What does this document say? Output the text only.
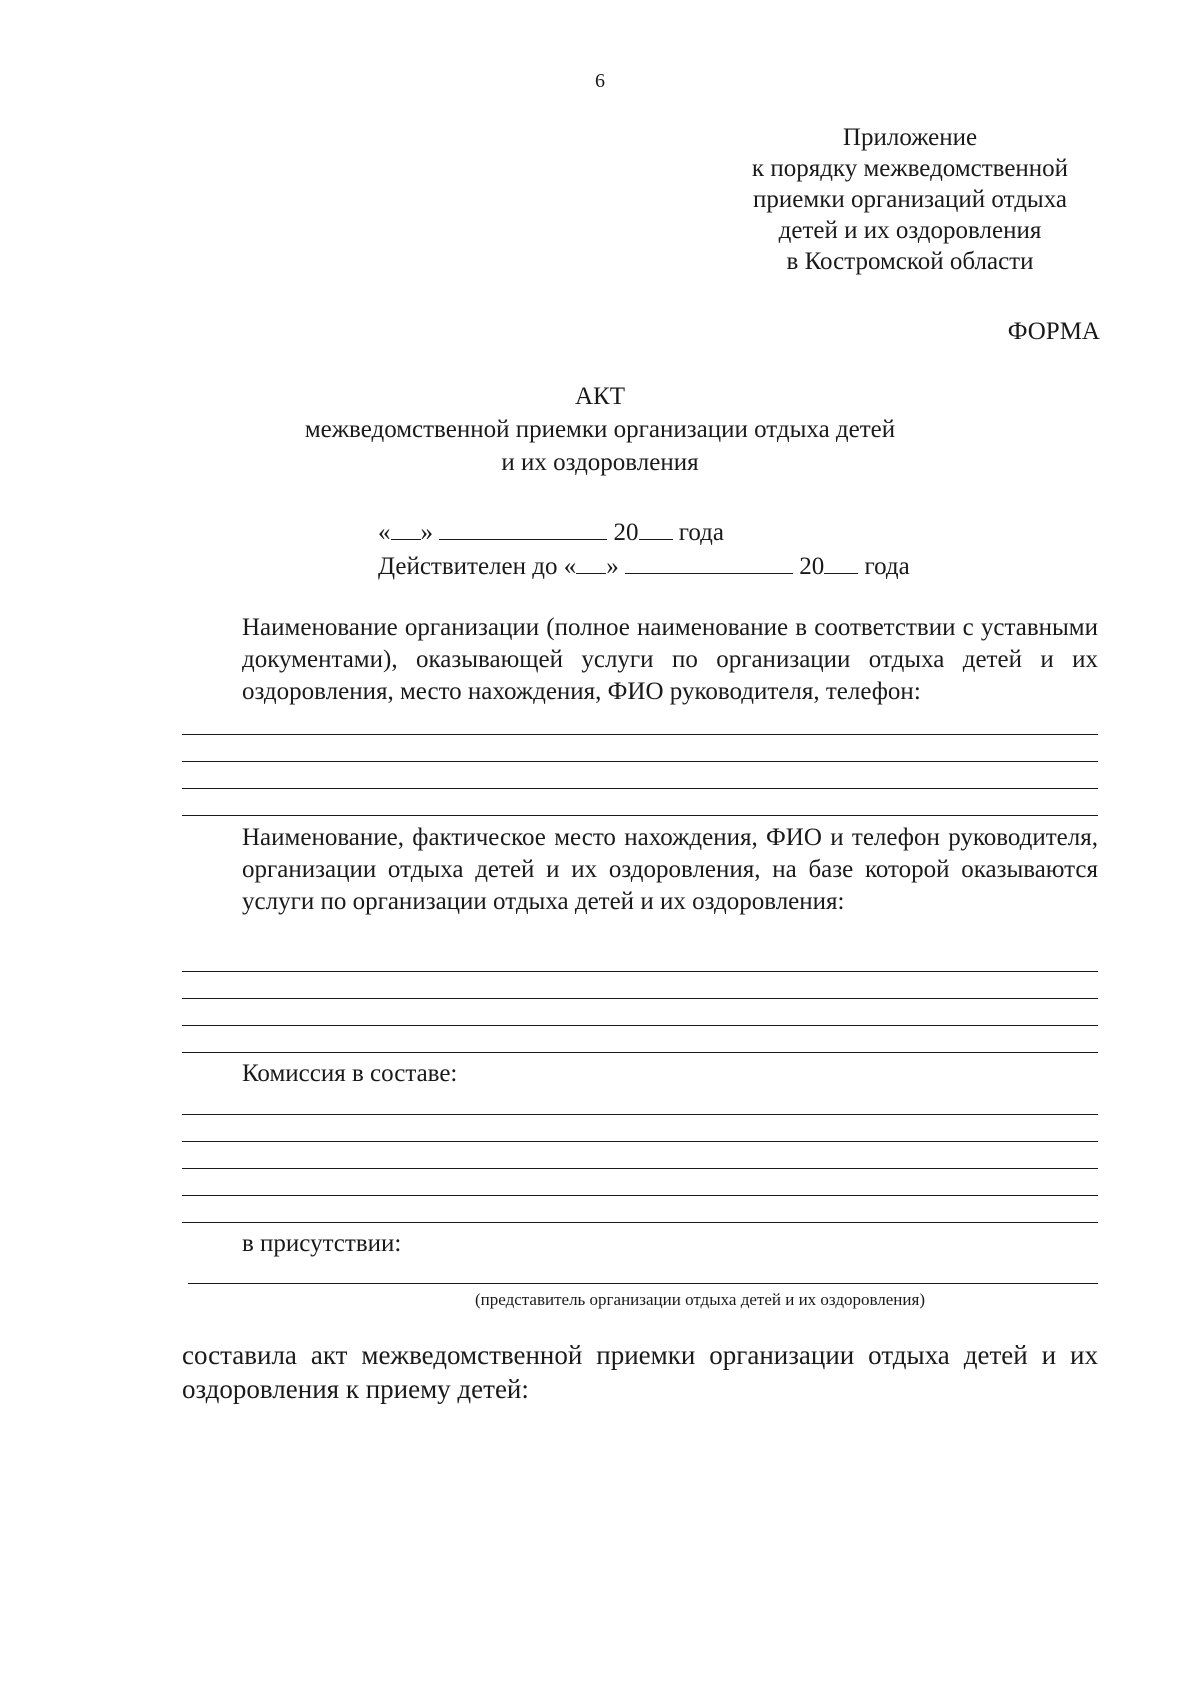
6
Приложение
к порядку межведомственной
приемки организаций отдыха
детей и их оздоровления
в Костромской области
ФОРМА
АКТ
межведомственной приемки организации отдыха детей
и их оздоровления
« »	20 года
Действителен до « »	20 года
Наименование организации (полное наименование в соответствии с уставными документами), оказывающей услуги по организации отдыха детей и их оздоровления, место нахождения, ФИО руководителя, телефон:
Наименование, фактическое место нахождения, ФИО и телефон руководителя, организации отдыха детей и их оздоровления, на базе которой оказываются услуги по организации отдыха детей и их оздоровления:
Комиссия в составе:
в присутствии:
(представитель организации отдыха детей и их оздоровления)
составила акт межведомственной приемки организации отдыха детей и их оздоровления к приему детей:
